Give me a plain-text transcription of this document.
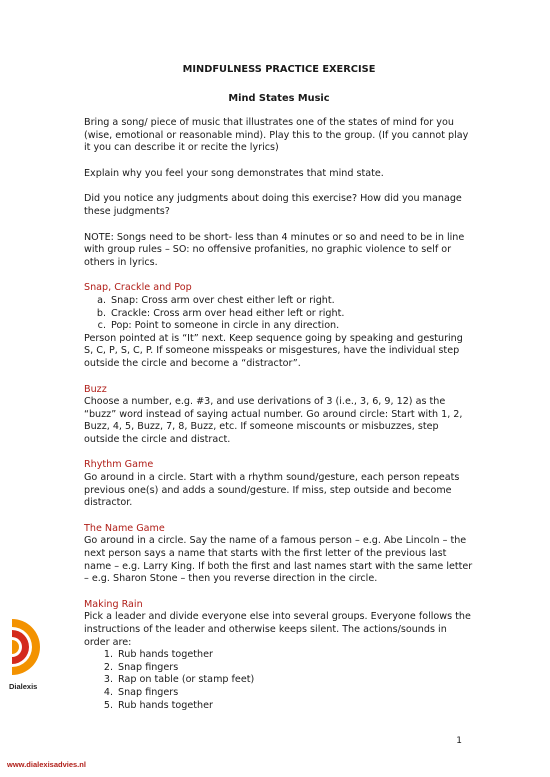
MINDFULNESS PRACTICE EXERCISE
Mind States Music

Bring a song/ piece of music that illustrates one of the states of mind for you (wise, emotional or reasonable mind). Play this to the group. (If you cannot play it you can describe it or recite the lyrics)

Explain why you feel your song demonstrates that mind state.

Did you notice any judgments about doing this exercise? How did you manage these judgments?

NOTE: Songs need to be short- less than 4 minutes or so and need to be in line with group rules – SO: no offensive profanities, no graphic violence to self or others in lyrics.

Snap, Crackle and Pop
a. Snap: Cross arm over chest either left or right.
b. Crackle: Cross arm over head either left or right.
c. Pop: Point to someone in circle in any direction.

Person pointed at is “It” next. Keep sequence going by speaking and gesturing S, C, P, S, C, P. If someone misspeaks or misgestures, have the individual step outside the circle and become a “distractor”.

Buzz

Choose a number, e.g. #3, and use derivations of 3 (i.e., 3, 6, 9, 12) as the “buzz” word instead of saying actual number. Go around circle: Start with 1, 2, Buzz, 4, 5, Buzz, 7, 8, Buzz, etc. If someone miscounts or misbuzzes, step outside the circle and distract.

Rhythm Game

Go around in a circle. Start with a rhythm sound/gesture, each person repeats previous one(s) and adds a sound/gesture. If miss, step outside and become distractor.

The Name Game

Go around in a circle. Say the name of a famous person – e.g. Abe Lincoln – the next person says a name that starts with the first letter of the previous last name – e.g. Larry King. If both the first and last names start with the same letter – e.g. Sharon Stone – then you reverse direction in the circle.

Making Rain

Pick a leader and divide everyone else into several groups. Everyone follows the instructions of the leader and otherwise keeps silent. The actions/sounds in order are:

1. Rub hands together
2. Snap fingers
3. Rap on table (or stamp feet)
4. Snap fingers
5. Rub hands together
Dialexis
1
www.dialexisadvies.nl
